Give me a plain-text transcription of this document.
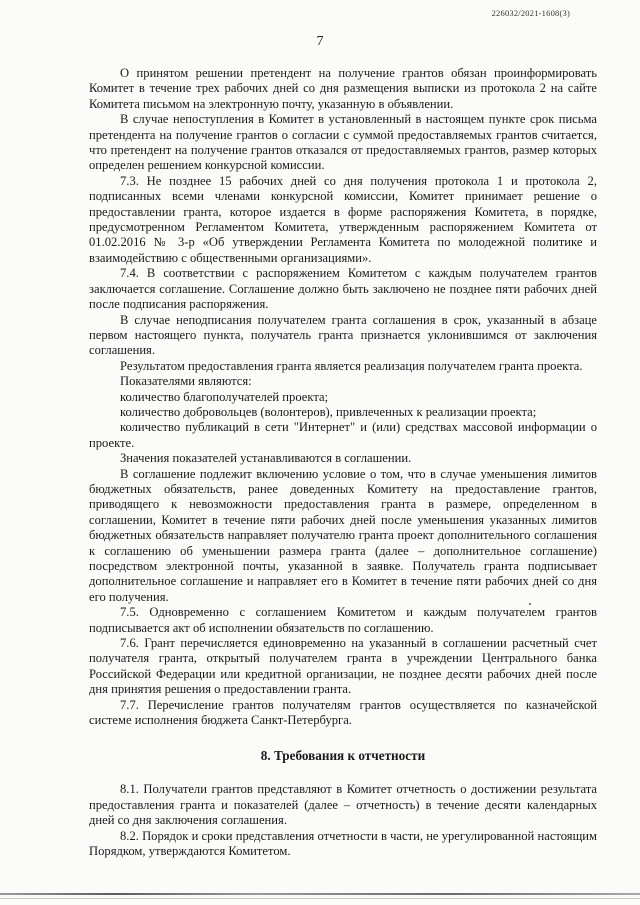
226032/2021-1608(3)
7

О принятом решении претендент на получение грантов обязан проинформировать Комитет в течение трех рабочих дней со дня размещения выписки из протокола 2 на сайте Комитета письмом на электронную почту, указанную в объявлении.

В случае непоступления в Комитет в установленный в настоящем пункте срок письма претендента на получение грантов о согласии с суммой предоставляемых грантов считается, что претендент на получение грантов отказался от предоставляемых грантов, размер которых определен решением конкурсной комиссии.

7.3. Не позднее 15 рабочих дней со дня получения протокола 1 и протокола 2, подписанных всеми членами конкурсной комиссии, Комитет принимает решение о предоставлении гранта, которое издается в форме распоряжения Комитета, в порядке, предусмотренном Регламентом Комитета, утвержденным распоряжением Комитета от 01.02.2016 № 3-р «Об утверждении Регламента Комитета по молодежной политике и взаимодействию с общественными организациями».

7.4. В соответствии с распоряжением Комитетом с каждым получателем грантов заключается соглашение. Соглашение должно быть заключено не позднее пяти рабочих дней после подписания распоряжения.

В случае неподписания получателем гранта соглашения в срок, указанный в абзаце первом настоящего пункта, получатель гранта признается уклонившимся от заключения соглашения.

Результатом предоставления гранта является реализация получателем гранта проекта.

Показателями являются:

количество благополучателей проекта;

количество добровольцев (волонтеров), привлеченных к реализации проекта;

количество публикаций в сети "Интернет" и (или) средствах массовой информации о проекте.

Значения показателей устанавливаются в соглашении.

В соглашение подлежит включению условие о том, что в случае уменьшения лимитов бюджетных обязательств, ранее доведенных Комитету на предоставление грантов, приводящего к невозможности предоставления гранта в размере, определенном в соглашении, Комитет в течение пяти рабочих дней после уменьшения указанных лимитов бюджетных обязательств направляет получателю гранта проект дополнительного соглашения к соглашению об уменьшении размера гранта (далее – дополнительное соглашение) посредством электронной почты, указанной в заявке. Получатель гранта подписывает дополнительное соглашение и направляет его в Комитет в течение пяти рабочих дней со дня его получения.

7.5. Одновременно с соглашением Комитетом и каждым получателем грантов подписывается акт об исполнении обязательств по соглашению.

7.6. Грант перечисляется единовременно на указанный в соглашении расчетный счет получателя гранта, открытый получателем гранта в учреждении Центрального банка Российской Федерации или кредитной организации, не позднее десяти рабочих дней после дня принятия решения о предоставлении гранта.

7.7. Перечисление грантов получателям грантов осуществляется по казначейской системе исполнения бюджета Санкт-Петербурга.

8. Требования к отчетности

8.1. Получатели грантов представляют в Комитет отчетность о достижении результата предоставления гранта и показателей (далее – отчетность) в течение десяти календарных дней со дня заключения соглашения.

8.2. Порядок и сроки представления отчетности в части, не урегулированной настоящим Порядком, утверждаются Комитетом.
